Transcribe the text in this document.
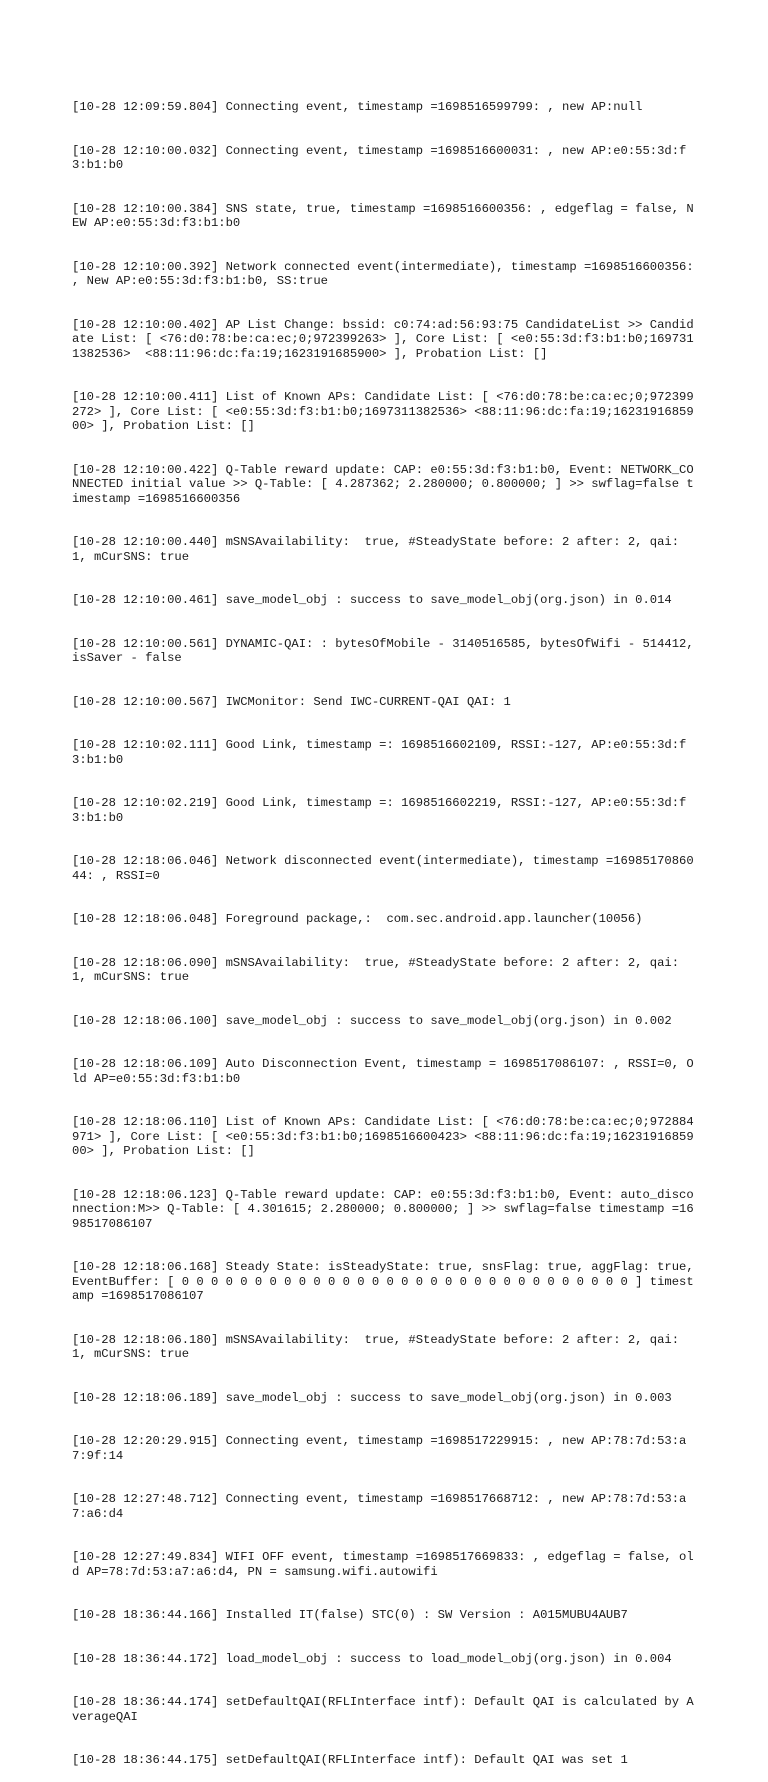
[10-28 12:09:59.804] Connecting event, timestamp =1698516599799: , new AP:null

[10-28 12:10:00.032] Connecting event, timestamp =1698516600031: , new AP:e0:55:3d:f3:b1:b0

[10-28 12:10:00.384] SNS state, true, timestamp =1698516600356: , edgeflag = false, NEW AP:e0:55:3d:f3:b1:b0

[10-28 12:10:00.392] Network connected event(intermediate), timestamp =1698516600356: , New AP:e0:55:3d:f3:b1:b0, SS:true

[10-28 12:10:00.402] AP List Change: bssid: c0:74:ad:56:93:75 CandidateList >> Candidate List: [ <76:d0:78:be:ca:ec;0;972399263> ], Core List: [ <e0:55:3d:f3:b1:b0;1697311382536>  <88:11:96:dc:fa:19;1623191685900> ], Probation List: []

[10-28 12:10:00.411] List of Known APs: Candidate List: [ <76:d0:78:be:ca:ec;0;972399272> ], Core List: [ <e0:55:3d:f3:b1:b0;1697311382536> <88:11:96:dc:fa:19;1623191685900> ], Probation List: []

[10-28 12:10:00.422] Q-Table reward update: CAP: e0:55:3d:f3:b1:b0, Event: NETWORK_CONNECTED initial value >> Q-Table: [ 4.287362; 2.280000; 0.800000; ] >> swflag=false timestamp =1698516600356

[10-28 12:10:00.440] mSNSAvailability:  true, #SteadyState before: 2 after: 2, qai: 1, mCurSNS: true

[10-28 12:10:00.461] save_model_obj : success to save_model_obj(org.json) in 0.014

[10-28 12:10:00.561] DYNAMIC-QAI: : bytesOfMobile - 3140516585, bytesOfWifi - 514412, isSaver - false

[10-28 12:10:00.567] IWCMonitor: Send IWC-CURRENT-QAI QAI: 1

[10-28 12:10:02.111] Good Link, timestamp =: 1698516602109, RSSI:-127, AP:e0:55:3d:f3:b1:b0

[10-28 12:10:02.219] Good Link, timestamp =: 1698516602219, RSSI:-127, AP:e0:55:3d:f3:b1:b0

[10-28 12:18:06.046] Network disconnected event(intermediate), timestamp =1698517086044: , RSSI=0

[10-28 12:18:06.048] Foreground package,:  com.sec.android.app.launcher(10056)

[10-28 12:18:06.090] mSNSAvailability:  true, #SteadyState before: 2 after: 2, qai: 1, mCurSNS: true

[10-28 12:18:06.100] save_model_obj : success to save_model_obj(org.json) in 0.002

[10-28 12:18:06.109] Auto Disconnection Event, timestamp = 1698517086107: , RSSI=0, Old AP=e0:55:3d:f3:b1:b0

[10-28 12:18:06.110] List of Known APs: Candidate List: [ <76:d0:78:be:ca:ec;0;972884971> ], Core List: [ <e0:55:3d:f3:b1:b0;1698516600423> <88:11:96:dc:fa:19;1623191685900> ], Probation List: []

[10-28 12:18:06.123] Q-Table reward update: CAP: e0:55:3d:f3:b1:b0, Event: auto_disconnection:M>> Q-Table: [ 4.301615; 2.280000; 0.800000; ] >> swflag=false timestamp =1698517086107

[10-28 12:18:06.168] Steady State: isSteadyState: true, snsFlag: true, aggFlag: true, EventBuffer: [ 0 0 0 0 0 0 0 0 0 0 0 0 0 0 0 0 0 0 0 0 0 0 0 0 0 0 0 0 0 0 0 ] timestamp =1698517086107

[10-28 12:18:06.180] mSNSAvailability:  true, #SteadyState before: 2 after: 2, qai: 1, mCurSNS: true

[10-28 12:18:06.189] save_model_obj : success to save_model_obj(org.json) in 0.003

[10-28 12:20:29.915] Connecting event, timestamp =1698517229915: , new AP:78:7d:53:a7:9f:14

[10-28 12:27:48.712] Connecting event, timestamp =1698517668712: , new AP:78:7d:53:a7:a6:d4

[10-28 12:27:49.834] WIFI OFF event, timestamp =1698517669833: , edgeflag = false, old AP=78:7d:53:a7:a6:d4, PN = samsung.wifi.autowifi

[10-28 18:36:44.166] Installed IT(false) STC(0) : SW Version : A015MUBU4AUB7

[10-28 18:36:44.172] load_model_obj : success to load_model_obj(org.json) in 0.004

[10-28 18:36:44.174] setDefaultQAI(RFLInterface intf): Default QAI is calculated by AverageQAI

[10-28 18:36:44.175] setDefaultQAI(RFLInterface intf): Default QAI was set 1
